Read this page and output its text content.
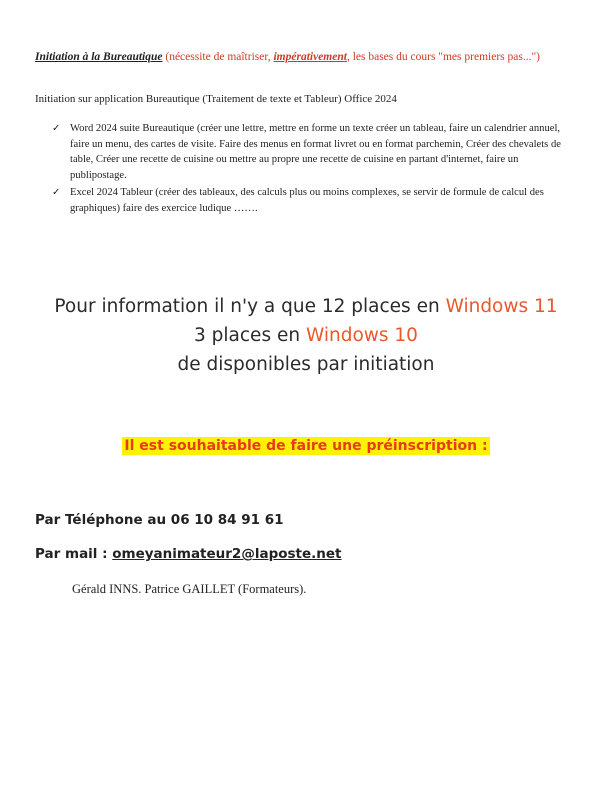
Initiation à la Bureautique (nécessite de maîtriser, impérativement, les bases du cours "mes premiers pas...")
Initiation sur application Bureautique (Traitement de texte et Tableur) Office 2024
✓ Word 2024 suite Bureautique (créer une lettre, mettre en forme un texte créer un tableau, faire un calendrier annuel, faire un menu, des cartes de visite. Faire des menus en format livret ou en format parchemin, Créer des chevalets de table, Créer une recette de cuisine ou mettre au propre une recette de cuisine en partant d'internet, faire un publipostage.
✓ Excel 2024 Tableur (créer des tableaux, des calculs plus ou moins complexes, se servir de formule de calcul des graphiques) faire des exercice ludique …….
Pour information il n'y a que 12 places en Windows 11
3 places en Windows 10
de disponibles par initiation
Il est souhaitable de faire une préinscription :
Par Téléphone au 06 10 84 91 61
Par mail : omeyanimateur2@laposte.net
Gérald INNS. Patrice GAILLET (Formateurs).
